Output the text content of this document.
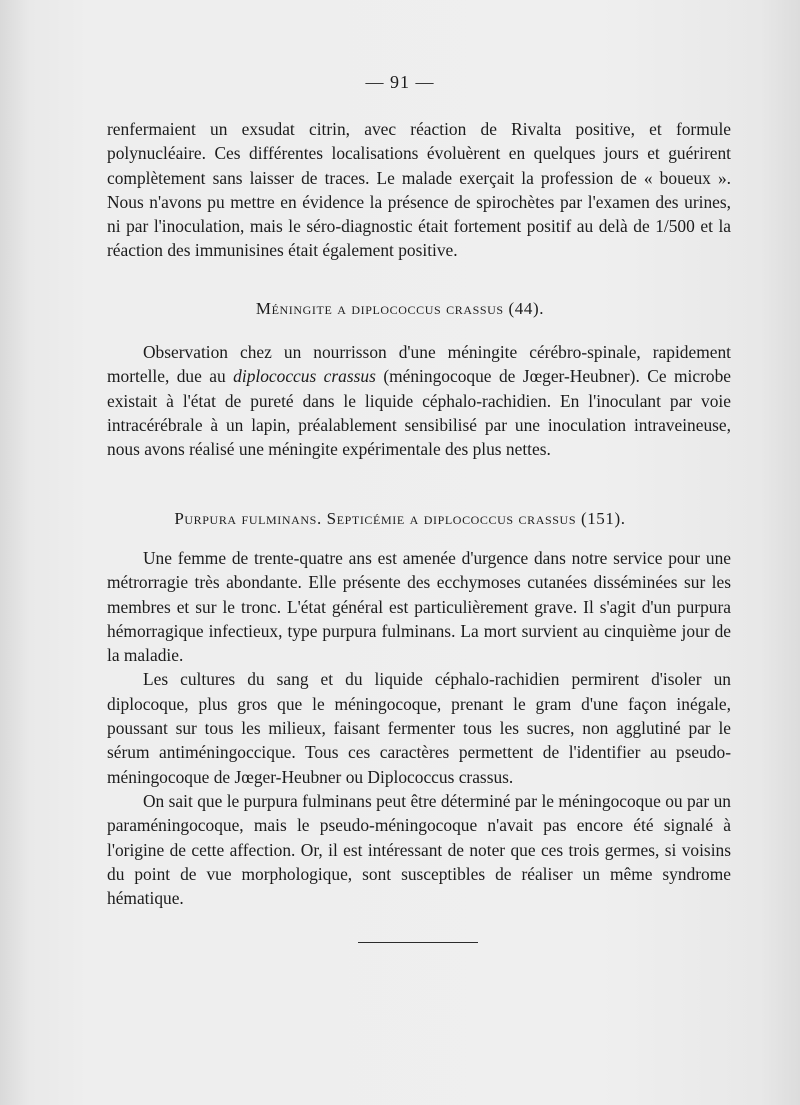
— 91 —

renfermaient un exsudat citrin, avec réaction de Rivalta positive, et formule polynucléaire. Ces différentes localisations évoluèrent en quelques jours et guérirent complètement sans laisser de traces. Le malade exerçait la profession de « boueux ». Nous n'avons pu mettre en évidence la présence de spirochètes par l'examen des urines, ni par l'inoculation, mais le séro-diagnostic était fortement positif au delà de 1/500 et la réaction des immunisines était également positive.

Méningite a diplococcus crassus (44).

Observation chez un nourrisson d'une méningite cérébro-spinale, rapidement mortelle, due au diplococcus crassus (méningocoque de Jœger-Heubner). Ce microbe existait à l'état de pureté dans le liquide céphalo-rachidien. En l'inoculant par voie intracérébrale à un lapin, préalablement sensibilisé par une inoculation intraveineuse, nous avons réalisé une méningite expérimentale des plus nettes.

Purpura fulminans. Septicémie a diplococcus crassus (151).

Une femme de trente-quatre ans est amenée d'urgence dans notre service pour une métrorragie très abondante. Elle présente des ecchymoses cutanées disséminées sur les membres et sur le tronc. L'état général est particulièrement grave. Il s'agit d'un purpura hémorragique infectieux, type purpura fulminans. La mort survient au cinquième jour de la maladie.

Les cultures du sang et du liquide céphalo-rachidien permirent d'isoler un diplocoque, plus gros que le méningocoque, prenant le gram d'une façon inégale, poussant sur tous les milieux, faisant fermenter tous les sucres, non agglutiné par le sérum antiméningoccique. Tous ces caractères permettent de l'identifier au pseudo-méningocoque de Jœger-Heubner ou Diplococcus crassus.

On sait que le purpura fulminans peut être déterminé par le méningocoque ou par un paraméningocoque, mais le pseudo-méningocoque n'avait pas encore été signalé à l'origine de cette affection. Or, il est intéressant de noter que ces trois germes, si voisins du point de vue morphologique, sont susceptibles de réaliser un même syndrome hématique.
